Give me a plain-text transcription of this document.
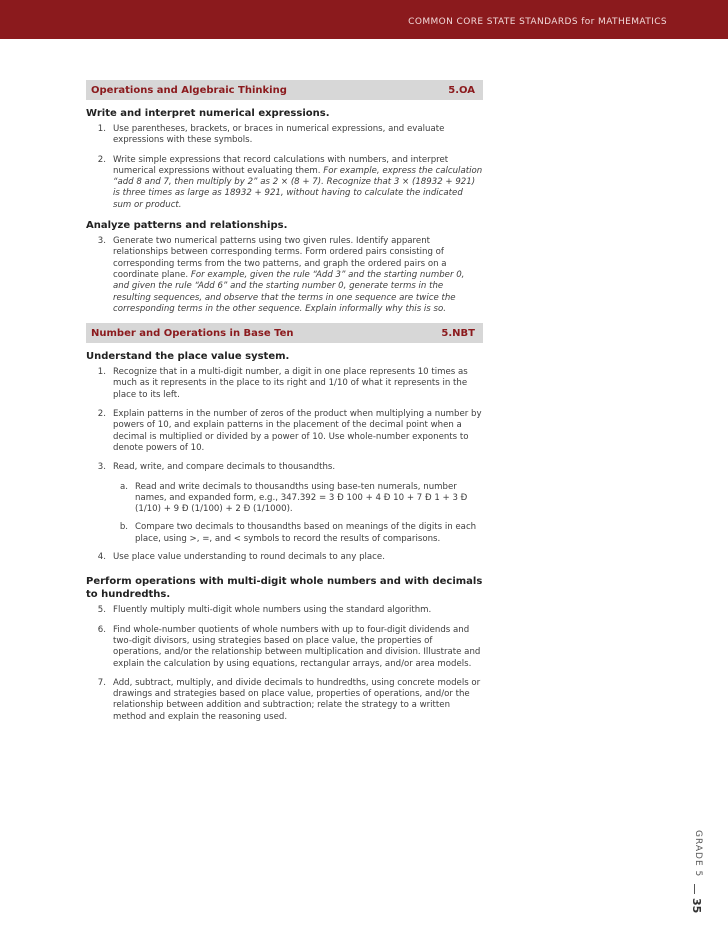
COMMON CORE STATE STANDARDS for MATHEMATICS
Operations and Algebraic Thinking	5.OA
Write and interpret numerical expressions.
1. Use parentheses, brackets, or braces in numerical expressions, and evaluate expressions with these symbols.
2. Write simple expressions that record calculations with numbers, and interpret numerical expressions without evaluating them. For example, express the calculation “add 8 and 7, then multiply by 2” as 2 × (8 + 7). Recognize that 3 × (18932 + 921) is three times as large as 18932 + 921, without having to calculate the indicated sum or product.
Analyze patterns and relationships.
3. Generate two numerical patterns using two given rules. Identify apparent relationships between corresponding terms. Form ordered pairs consisting of corresponding terms from the two patterns, and graph the ordered pairs on a coordinate plane. For example, given the rule “Add 3” and the starting number 0, and given the rule “Add 6” and the starting number 0, generate terms in the resulting sequences, and observe that the terms in one sequence are twice the corresponding terms in the other sequence. Explain informally why this is so.
Number and Operations in Base Ten	5.NBT
Understand the place value system.
1. Recognize that in a multi-digit number, a digit in one place represents 10 times as much as it represents in the place to its right and 1/10 of what it represents in the place to its left.
2. Explain patterns in the number of zeros of the product when multiplying a number by powers of 10, and explain patterns in the placement of the decimal point when a decimal is multiplied or divided by a power of 10. Use whole-number exponents to denote powers of 10.
3. Read, write, and compare decimals to thousandths.
a. Read and write decimals to thousandths using base-ten numerals, number names, and expanded form, e.g., 347.392 = 3 Ð 100 + 4 Ð 10 + 7 Ð 1 + 3 Ð (1/10) + 9 Ð (1/100) + 2 Ð (1/1000).
b. Compare two decimals to thousandths based on meanings of the digits in each place, using >, =, and < symbols to record the results of comparisons.
4. Use place value understanding to round decimals to any place.
Perform operations with multi-digit whole numbers and with decimals to hundredths.
5. Fluently multiply multi-digit whole numbers using the standard algorithm.
6. Find whole-number quotients of whole numbers with up to four-digit dividends and two-digit divisors, using strategies based on place value, the properties of operations, and/or the relationship between multiplication and division. Illustrate and explain the calculation by using equations, rectangular arrays, and/or area models.
7. Add, subtract, multiply, and divide decimals to hundredths, using concrete models or drawings and strategies based on place value, properties of operations, and/or the relationship between addition and subtraction; relate the strategy to a written method and explain the reasoning used.
GRADE 5
35
